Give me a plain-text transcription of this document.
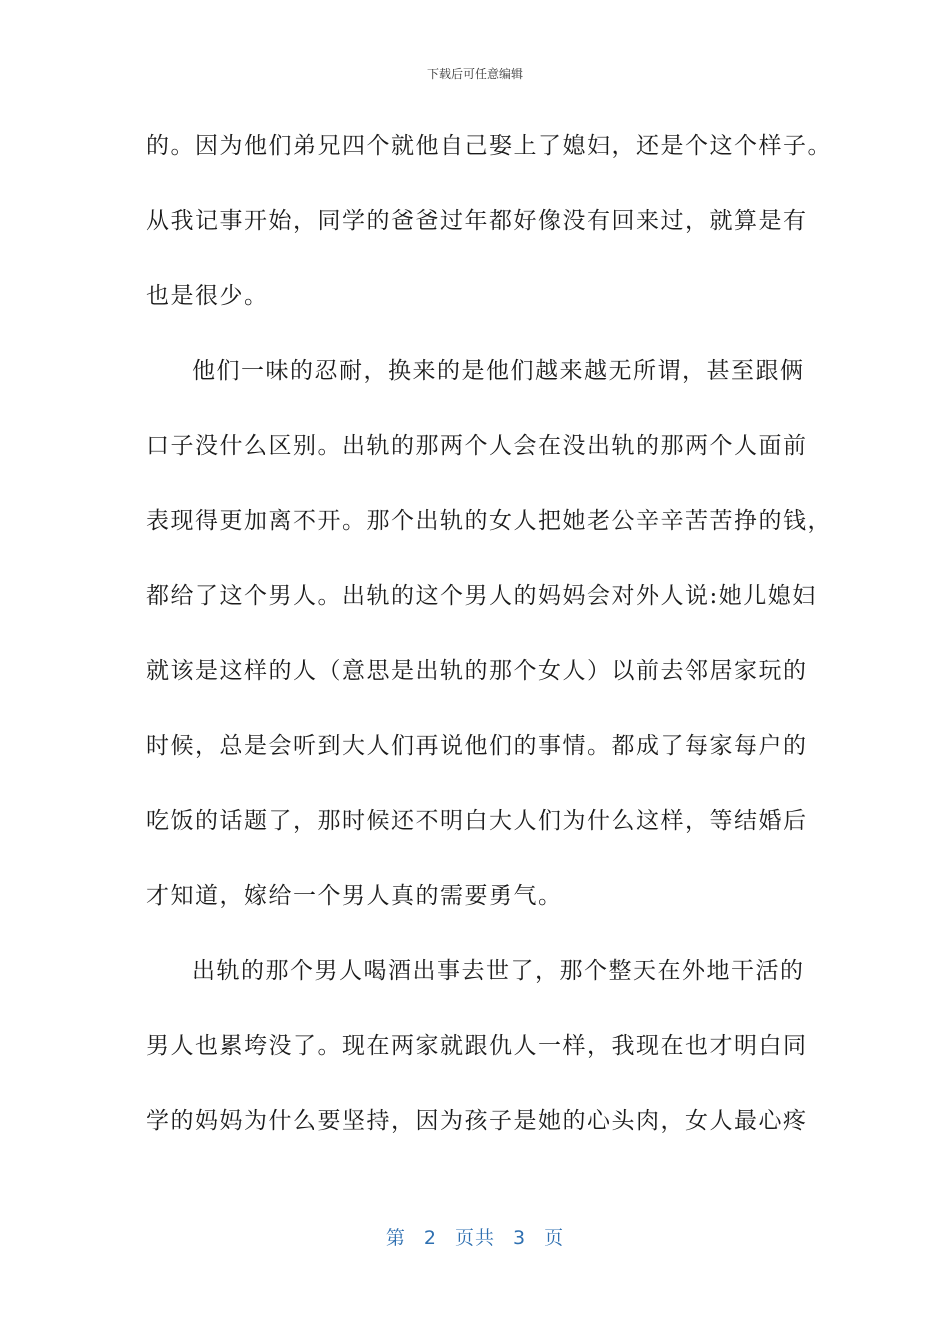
下载后可任意编辑
的。因为他们弟兄四个就他自己娶上了媳妇，还是个这个样子。
从我记事开始，同学的爸爸过年都好像没有回来过，就算是有
也是很少。
他们一味的忍耐，换来的是他们越来越无所谓，甚至跟俩
口子没什么区别。出轨的那两个人会在没出轨的那两个人面前
表现得更加离不开。那个出轨的女人把她老公辛辛苦苦挣的钱，
都给了这个男人。出轨的这个男人的妈妈会对外人说:她儿媳妇
就该是这样的人（意思是出轨的那个女人）以前去邻居家玩的
时候，总是会听到大人们再说他们的事情。都成了每家每户的
吃饭的话题了，那时候还不明白大人们为什么这样，等结婚后
才知道，嫁给一个男人真的需要勇气。
出轨的那个男人喝酒出事去世了，那个整天在外地干活的
男人也累垮没了。现在两家就跟仇人一样，我现在也才明白同
学的妈妈为什么要坚持，因为孩子是她的心头肉，女人最心疼
第 2 页共 3 页
